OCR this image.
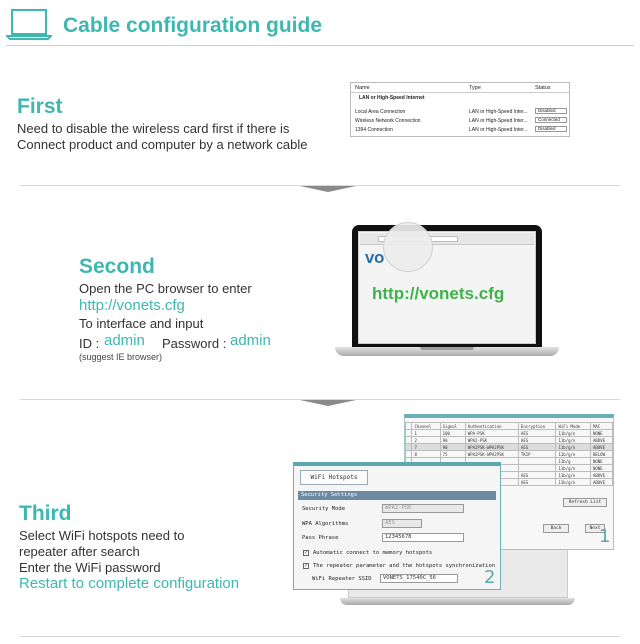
Cable configuration guide
First
Need to disable the wireless card first if there is
Connect product and computer by a network cable
Name	Type	Status
LAN or High-Speed Internet
Local Area Connection	LAN or High-Speed Inter...	Disabled
Wireless Network Connection	LAN or High-Speed Inter...	Connected
1394 Connection	LAN or High-Speed Inter...	Disabled
Second
Open the PC browser to enter
http://vonets.cfg
To interface and input
ID : admin Password : admin
(suggest IE browser)
VO
http://vonets.cfg
Third
Select WiFi hotspots need to
repeater after search
Enter the WiFi password
Restart to complete configuration
	Channel	Signal	Authentication	Encryption	WiFi Mode	MAC
	1	100	WPA-PSK	AES	11b/g/n	NONE
	2	90	WPA2-PSK	AES	11b/g/n	ABOVE
	7	90	WPA2PSK-WPA2PSK	AES	11b/g/n	ABOVE
	8	75	WPA2PSK-WPA2PSK	TKIP	11b/g/n	BELOW
					11b/g	NONE
					11b/g/n	NONE
				AES	11b/g/n	ABOVE
				AES	11b/g/n	ABOVE
Refresh List
Back	Next
1
WiFi Hotspots
Security Settings
Security Mode	WPA2-PSK
WPA Algorithms	AES
Pass Phrase	12345678
✓ Automatic connect to memory hotspots
✓ The repeater parameter and the hotspots synchronization
WiFi Repeater SSID	VONETS_17540C_56	2
